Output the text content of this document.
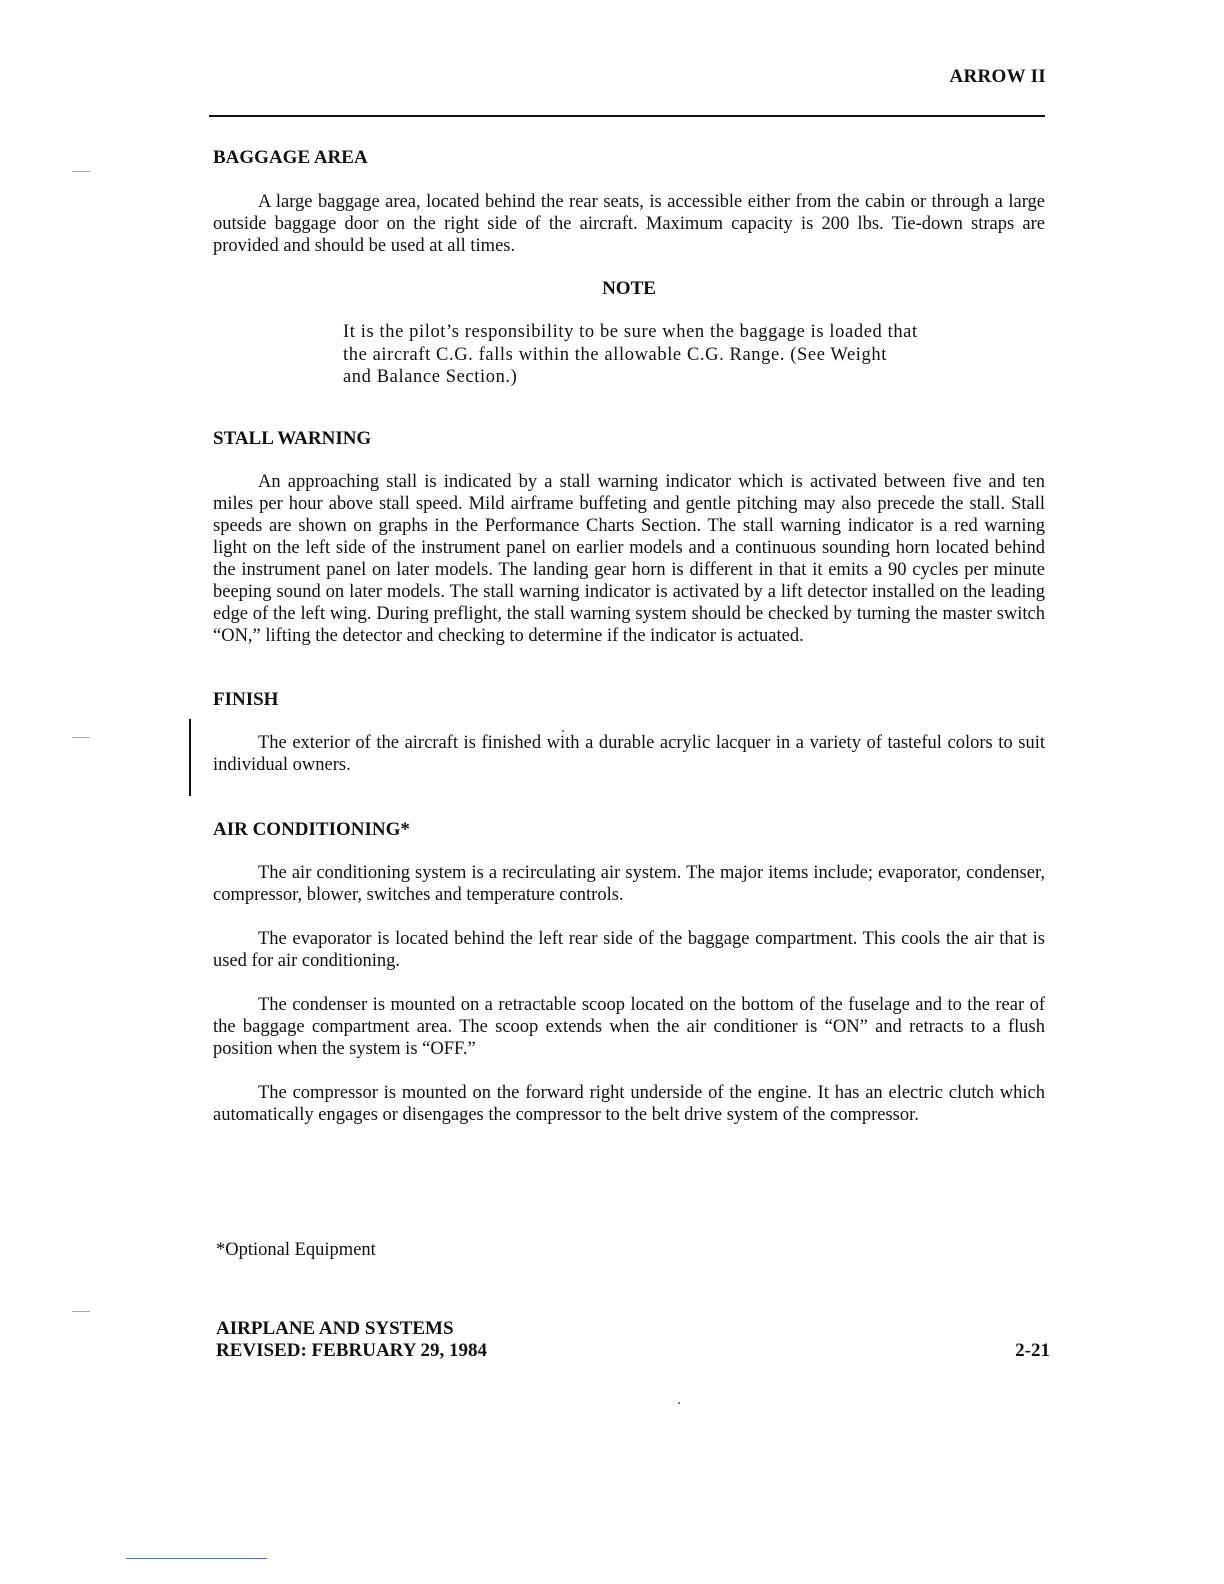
ARROW II
BAGGAGE AREA

A large baggage area, located behind the rear seats, is accessible either from the cabin or through a large outside baggage door on the right side of the aircraft. Maximum capacity is 200 lbs. Tie-down straps are provided and should be used at all times.

NOTE

It is the pilot’s responsibility to be sure when the baggage is loaded that the aircraft C.G. falls within the allowable C.G. Range. (See Weight and Balance Section.)

STALL WARNING

An approaching stall is indicated by a stall warning indicator which is activated between five and ten miles per hour above stall speed. Mild airframe buffeting and gentle pitching may also precede the stall. Stall speeds are shown on graphs in the Performance Charts Section. The stall warning indicator is a red warning light on the left side of the instrument panel on earlier models and a continuous sounding horn located behind the instrument panel on later models. The landing gear horn is different in that it emits a 90 cycles per minute beeping sound on later models. The stall warning indicator is activated by a lift detector installed on the leading edge of the left wing. During preflight, the stall warning system should be checked by turning the master switch “ON,” lifting the detector and checking to determine if the indicator is actuated.

FINISH

The exterior of the aircraft is finished with a durable acrylic lacquer in a variety of tasteful colors to suit individual owners.

AIR CONDITIONING*

The air conditioning system is a recirculating air system. The major items include; evaporator, condenser, compressor, blower, switches and temperature controls.

The evaporator is located behind the left rear side of the baggage compartment. This cools the air that is used for air conditioning.

The condenser is mounted on a retractable scoop located on the bottom of the fuselage and to the rear of the baggage compartment area. The scoop extends when the air conditioner is “ON” and retracts to a flush position when the system is “OFF.”

The compressor is mounted on the forward right underside of the engine. It has an electric clutch which automatically engages or disengages the compressor to the belt drive system of the compressor.

*Optional Equipment
AIRPLANE AND SYSTEMS
REVISED: FEBRUARY 29, 1984	2-21
